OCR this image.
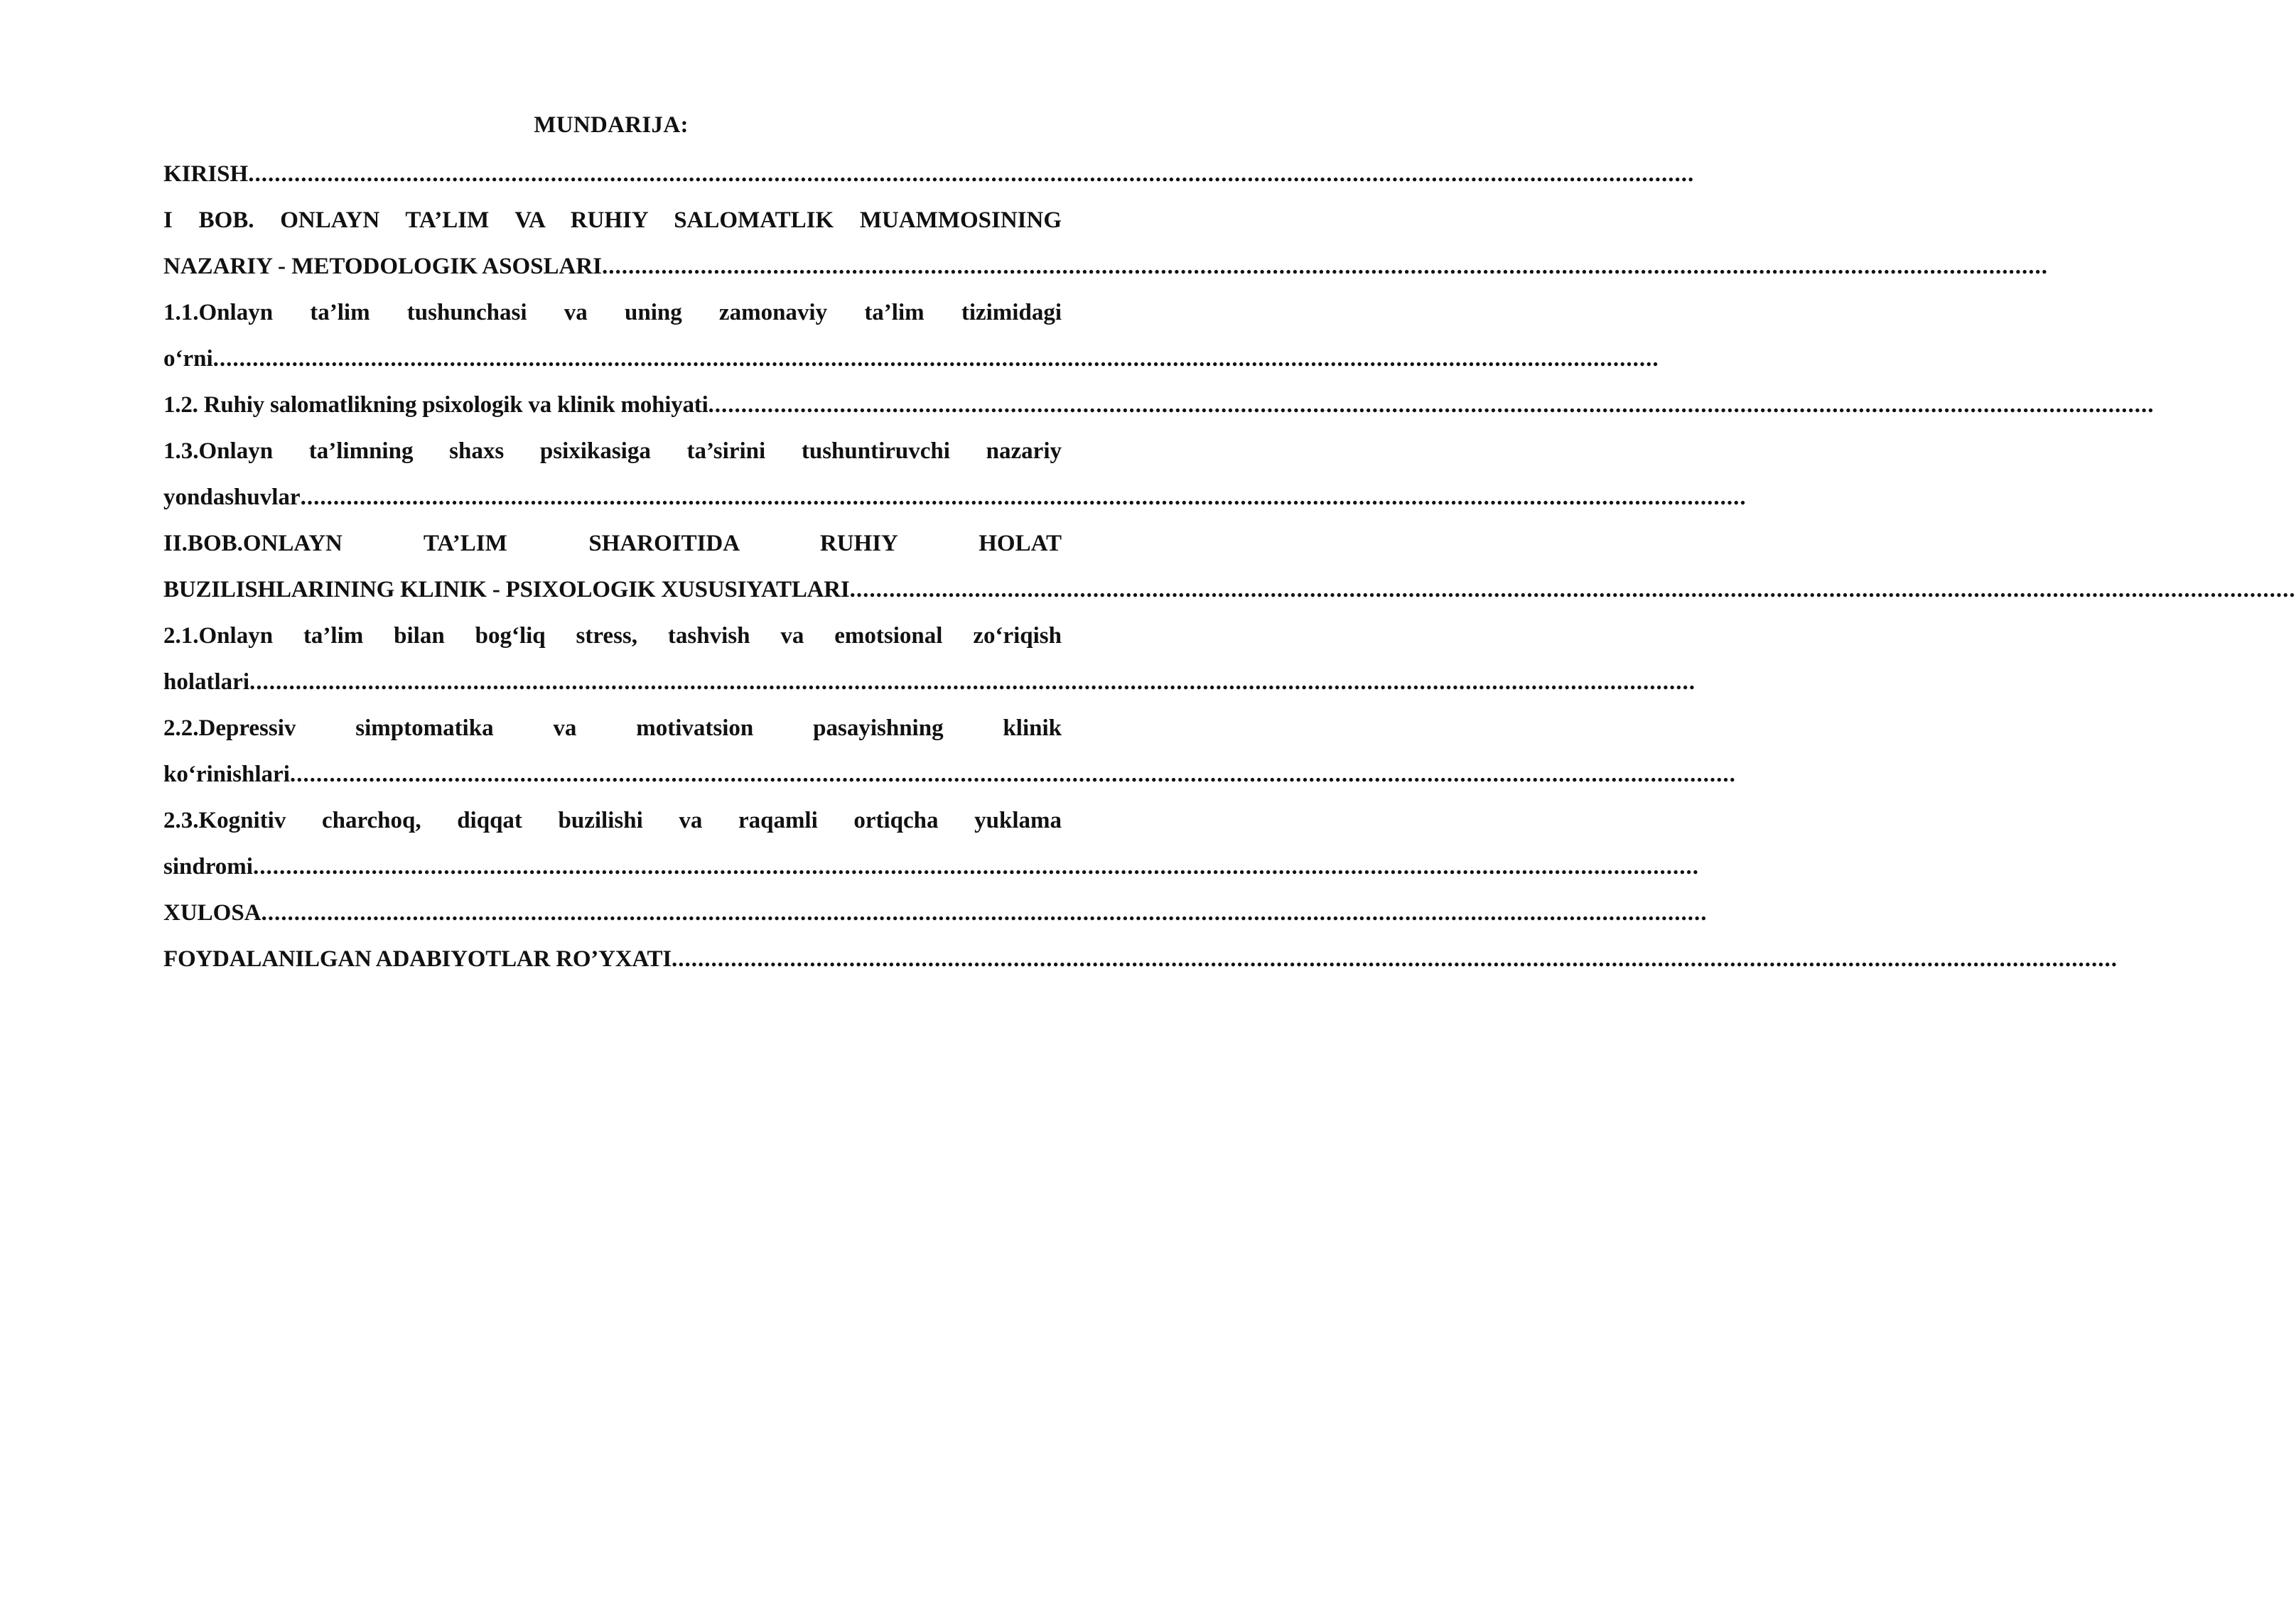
MUNDARIJA:
KIRISH ............................................................................................................................................................................................................................
I BOB. ONLAYN TA’LIM VA RUHIY SALOMATLIK MUAMMOSINING
NAZARIY - METODOLOGIK ASOSLARI ............................................................................................................................................................................................................................
1.1.Onlayn ta’lim tushunchasi va uning zamonaviy ta’lim tizimidagi
o‘rni ............................................................................................................................................................................................................................
1.2. Ruhiy salomatlikning psixologik va klinik mohiyati ............................................................................................................................................................................................................................
1.3.Onlayn ta’limning shaxs psixikasiga ta’sirini tushuntiruvchi nazariy
yondashuvlar ............................................................................................................................................................................................................................
II.BOB.ONLAYN TA’LIM SHAROITIDA RUHIY HOLAT
BUZILISHLARINING KLINIK - PSIXOLOGIK XUSUSIYATLARI ............................................................................................................................................................................................................................
2.1.Onlayn ta’lim bilan bog‘liq stress, tashvish va emotsional zo‘riqish
holatlari ............................................................................................................................................................................................................................
2.2.Depressiv simptomatika va motivatsion pasayishning klinik
ko‘rinishlari ............................................................................................................................................................................................................................
2.3.Kognitiv charchoq, diqqat buzilishi va raqamli ortiqcha yuklama
sindromi ............................................................................................................................................................................................................................
XULOSA ............................................................................................................................................................................................................................
FOYDALANILGAN ADABIYOTLAR RO’YXATI ............................................................................................................................................................................................................................
